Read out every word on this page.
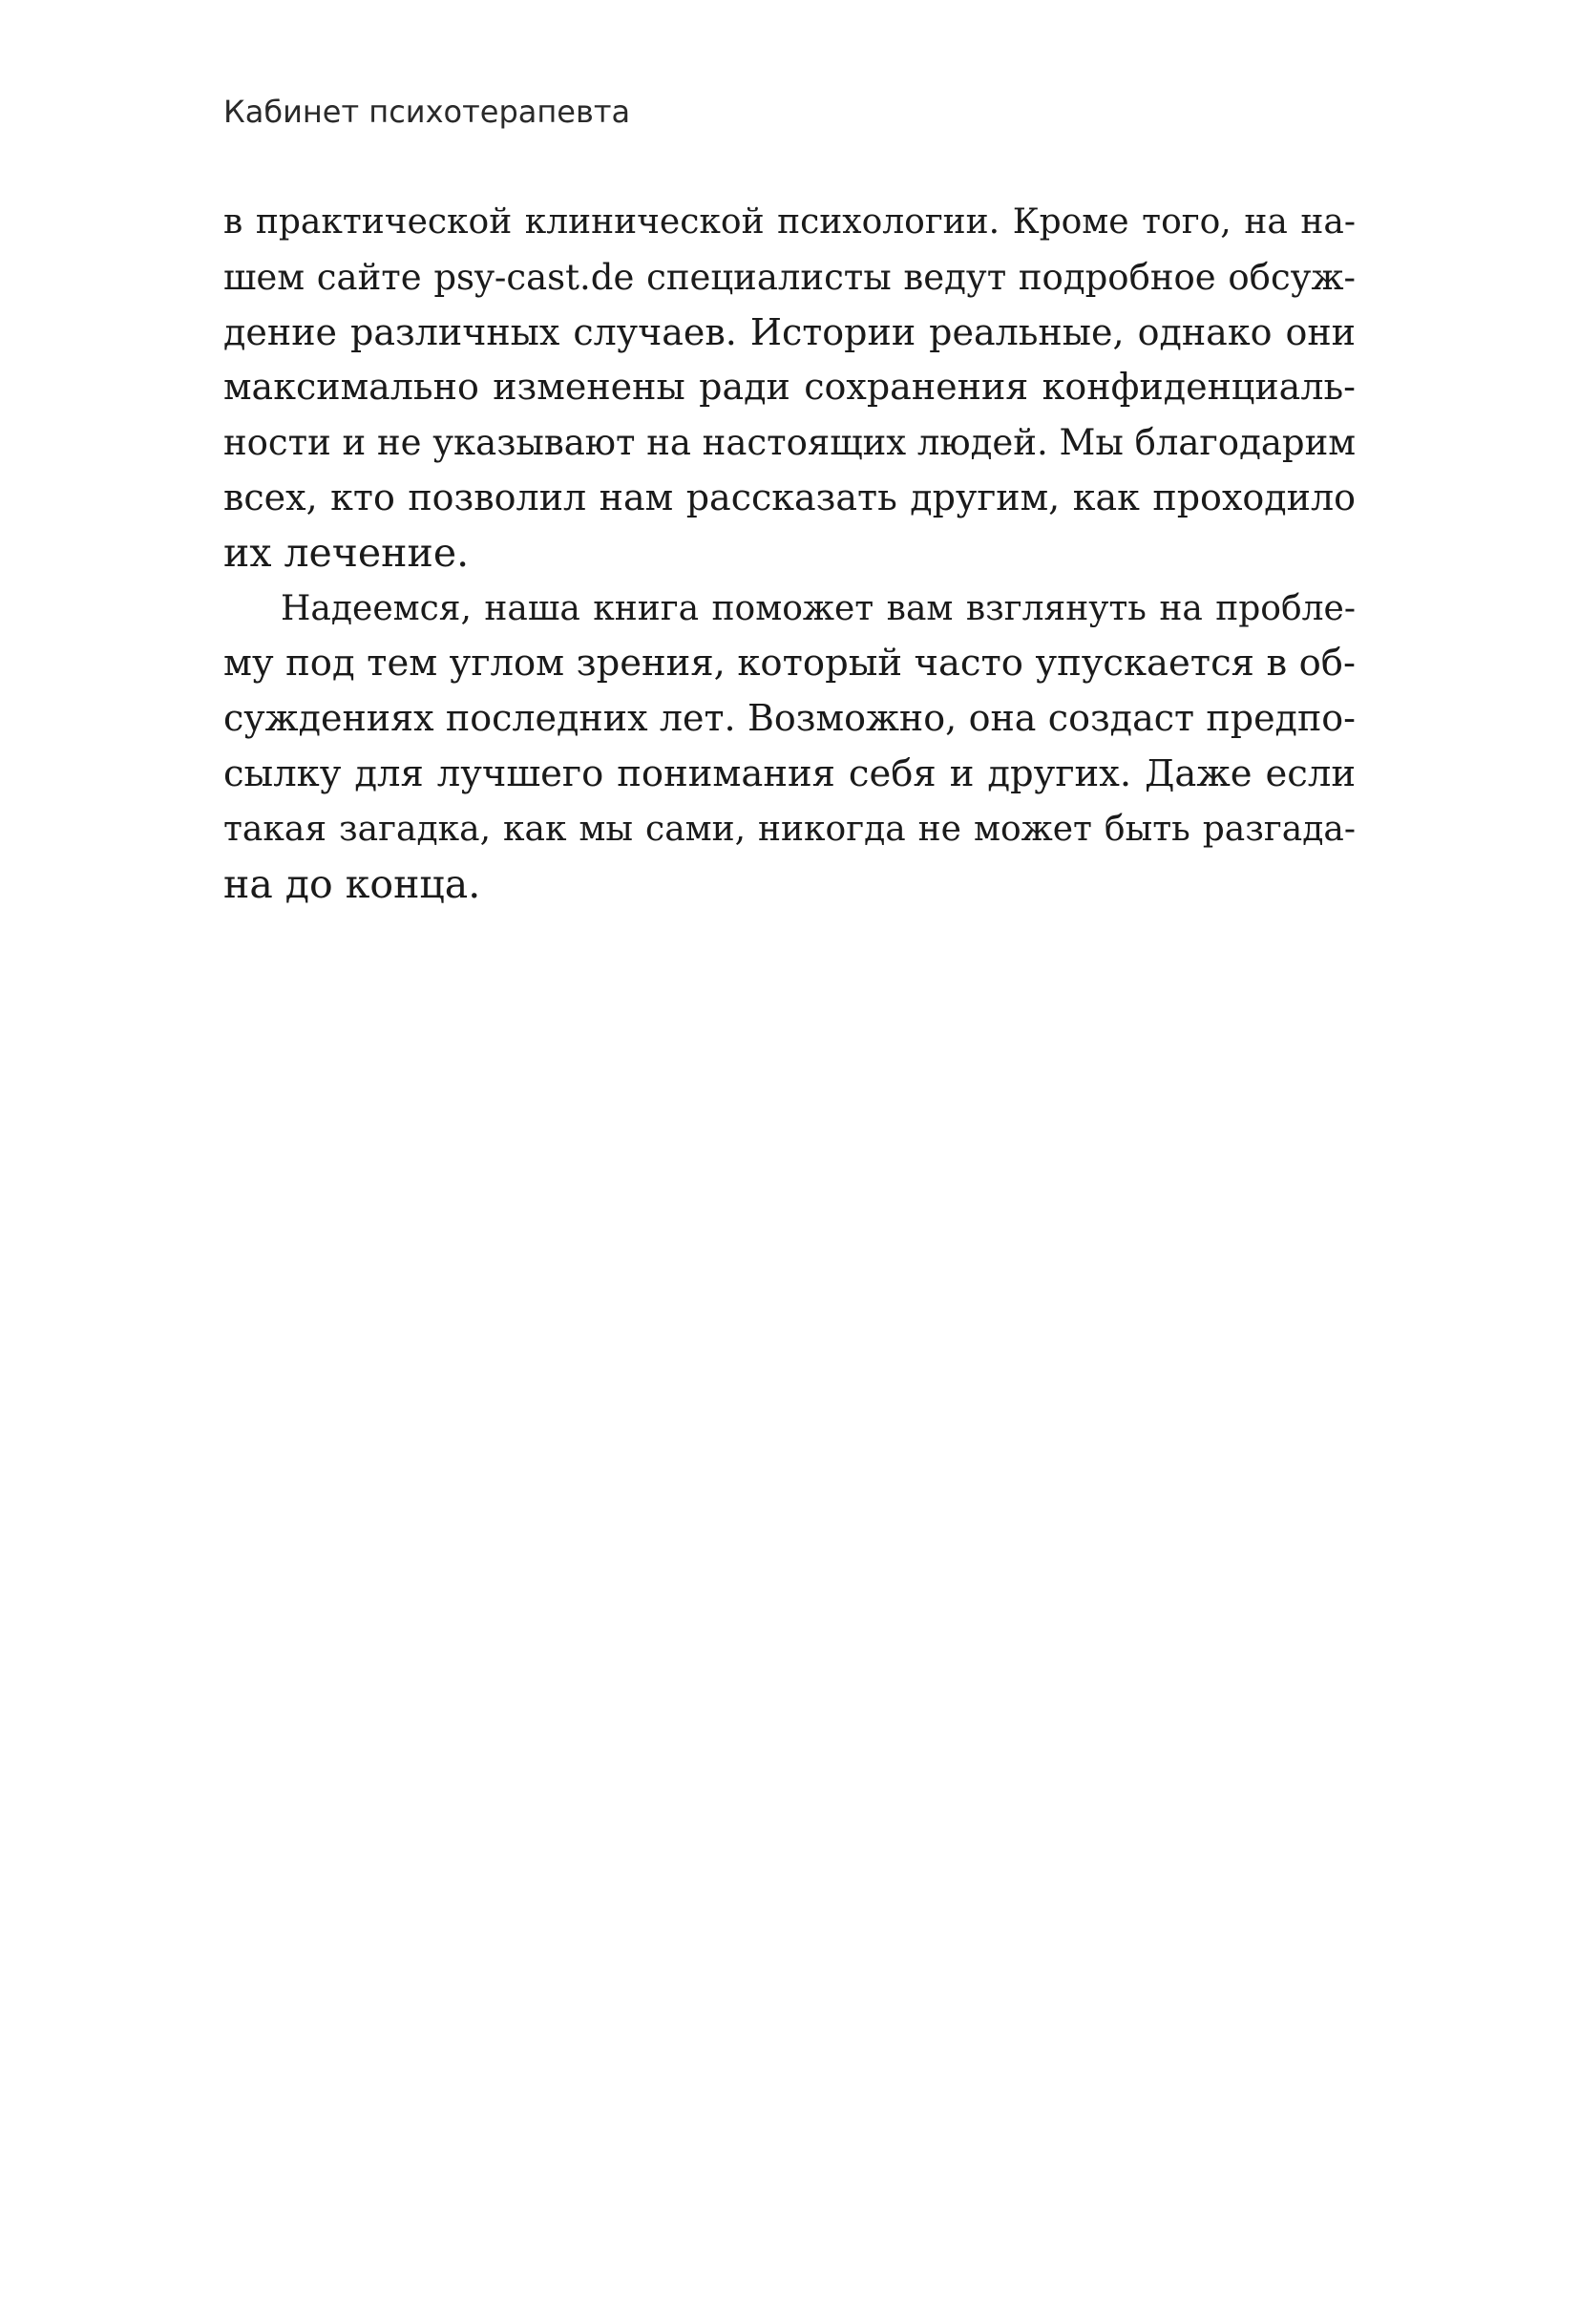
Кабинет психотерапевта
в практической клинической психологии. Кроме того, на на-
шем сайте psy-cast.de специалисты ведут подробное обсуж-
дение различных случаев. Истории реальные, однако они
максимально изменены ради сохранения конфиденциаль-
ности и не указывают на настоящих людей. Мы благодарим
всех, кто позволил нам рассказать другим, как проходило
их лечение.
Надеемся, наша книга поможет вам взглянуть на пробле-
му под тем углом зрения, который часто упускается в об-
суждениях последних лет. Возможно, она создаст предпо-
сылку для лучшего понимания себя и других. Даже если
такая загадка, как мы сами, никогда не может быть разгада-
на до конца.
